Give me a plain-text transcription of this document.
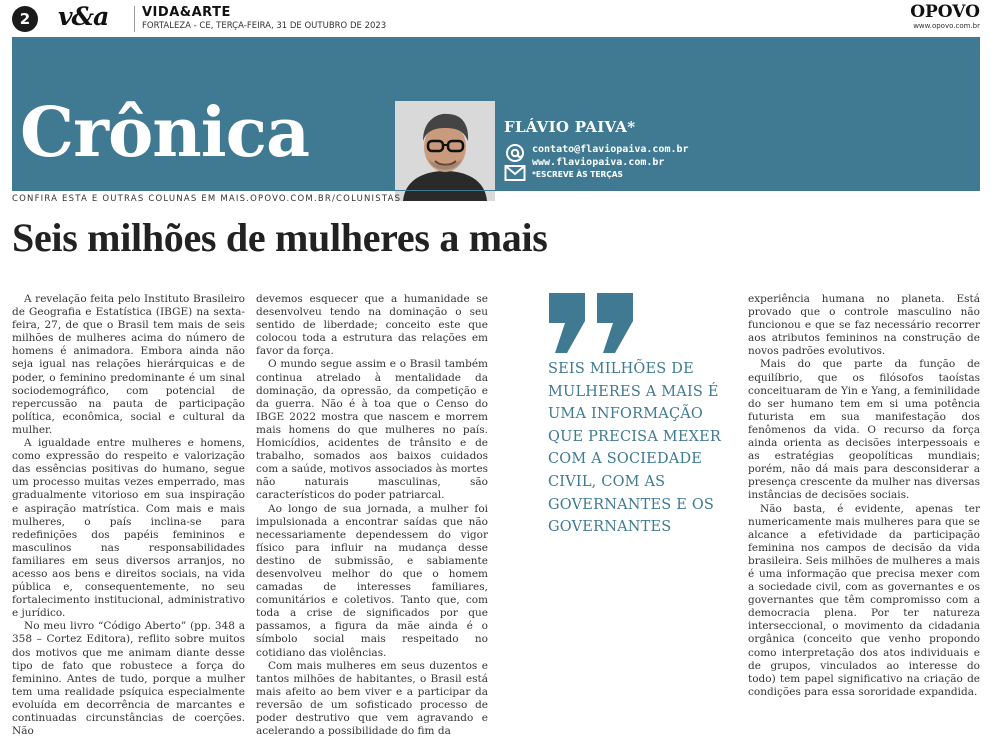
2	v&a	VIDA&ARTE
FORTALEZA - CE, TERÇA-FEIRA, 31 DE OUTUBRO DE 2023
OPOVO
www.opovo.com.br
Crônica	FLÁVIO PAIVA*
contato@flaviopaiva.com.br
www.flaviopaiva.com.br
*ESCREVE ÀS TERÇAS
CONFIRA ESTA E OUTRAS COLUNAS EM MAIS.OPOVO.COM.BR/COLUNISTAS
Seis milhões de mulheres a mais

A revelação feita pelo Instituto Brasileiro de Geografia e Estatística (IBGE) na sexta-feira, 27, de que o Brasil tem mais de seis milhões de mulheres acima do número de homens é animadora. Embora ainda não seja igual nas relações hierárquicas e de poder, o feminino predominante é um sinal sociodemográfico, com potencial de repercussão na pauta de participação política, econômica, social e cultural da mulher.

A igualdade entre mulheres e homens, como expressão do respeito e valorização das essências positivas do humano, segue um processo muitas vezes emperrado, mas gradualmente vitorioso em sua inspiração e aspiração matrística. Com mais e mais mulheres, o país inclina-se para redefinições dos papéis femininos e masculinos nas responsabilidades familiares em seus diversos arranjos, no acesso aos bens e direitos sociais, na vida pública e, consequentemente, no seu fortalecimento institucional, administrativo e jurídico.

No meu livro “Código Aberto” (pp. 348 a 358 – Cortez Editora), reflito sobre muitos dos motivos que me animam diante desse tipo de fato que robustece a força do feminino. Antes de tudo, porque a mulher tem uma realidade psíquica especialmente evoluída em decorrência de marcantes e continuadas circunstâncias de coerções. Não

devemos esquecer que a humanidade se desenvolveu tendo na dominação o seu sentido de liberdade; conceito este que colocou toda a estrutura das relações em favor da força.

O mundo segue assim e o Brasil também continua atrelado à mentalidade da dominação, da opressão, da competição e da guerra. Não é à toa que o Censo do IBGE 2022 mostra que nascem e morrem mais homens do que mulheres no país. Homicídios, acidentes de trânsito e de trabalho, somados aos baixos cuidados com a saúde, motivos associados às mortes não naturais masculinas, são característicos do poder patriarcal.

Ao longo de sua jornada, a mulher foi impulsionada a encontrar saídas que não necessariamente dependessem do vigor físico para influir na mudança desse destino de submissão, e sabiamente desenvolveu melhor do que o homem camadas de interesses familiares, comunitários e coletivos. Tanto que, com toda a crise de significados por que passamos, a figura da mãe ainda é o símbolo social mais respeitado no cotidiano das violências.

Com mais mulheres em seus duzentos e tantos milhões de habitantes, o Brasil está mais afeito ao bem viver e a participar da reversão de um sofisticado processo de poder destrutivo que vem agravando e acelerando a possibilidade do fim da

SEIS MILHÕES DE MULHERES A MAIS É UMA INFORMAÇÃO QUE PRECISA MEXER COM A SOCIEDADE CIVIL, COM AS GOVERNANTES E OS GOVERNANTES

experiência humana no planeta. Está provado que o controle masculino não funcionou e que se faz necessário recorrer aos atributos femininos na construção de novos padrões evolutivos.

Mais do que parte da função de equilíbrio, que os filósofos taoístas conceituaram de Yin e Yang, a feminilidade do ser humano tem em si uma potência futurista em sua manifestação dos fenômenos da vida. O recurso da força ainda orienta as decisões interpessoais e as estratégias geopolíticas mundiais; porém, não dá mais para desconsiderar a presença crescente da mulher nas diversas instâncias de decisões sociais.

Não basta, é evidente, apenas ter numericamente mais mulheres para que se alcance a efetividade da participação feminina nos campos de decisão da vida brasileira. Seis milhões de mulheres a mais é uma informação que precisa mexer com a sociedade civil, com as governantes e os governantes que têm compromisso com a democracia plena. Por ter natureza interseccional, o movimento da cidadania orgânica (conceito que venho propondo como interpretação dos atos individuais e de grupos, vinculados ao interesse do todo) tem papel significativo na criação de condições para essa sororidade expandida.
